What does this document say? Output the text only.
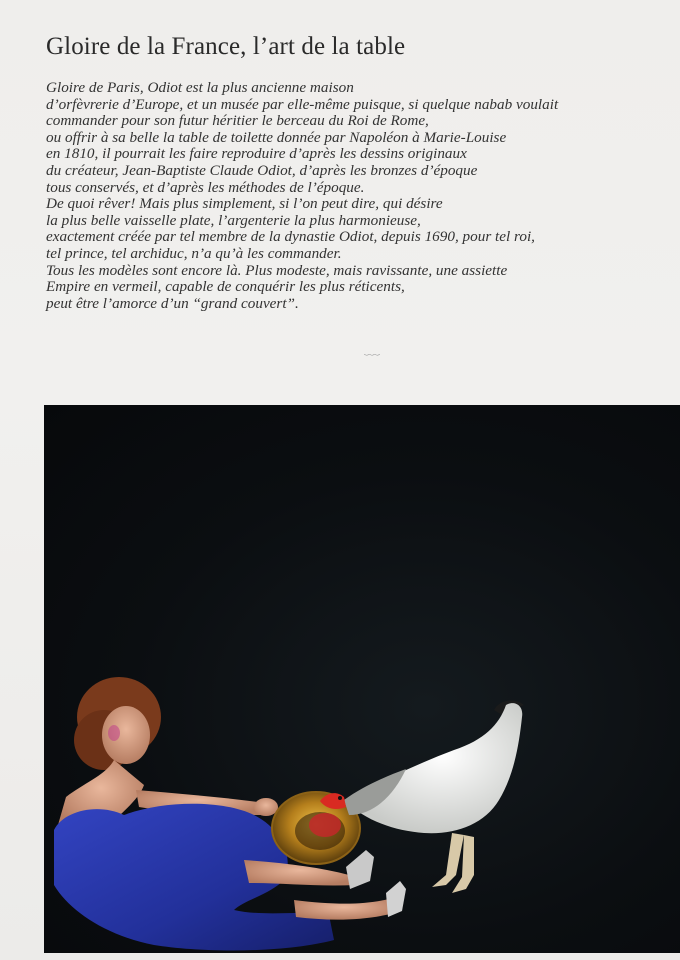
Gloire de la France, l’art de la table
Gloire de Paris, Odiot est la plus ancienne maison
d’orfèvrerie d’Europe, et un musée par elle-même puisque, si quelque nabab voulait
commander pour son futur héritier le berceau du Roi de Rome,
ou offrir à sa belle la table de toilette donnée par Napoléon à Marie-Louise
en 1810, il pourrait les faire reproduire d’après les dessins originaux
du créateur, Jean-Baptiste Claude Odiot, d’après les bronzes d’époque
tous conservés, et d’après les méthodes de l’époque.
De quoi rêver! Mais plus simplement, si l’on peut dire, qui désire
la plus belle vaisselle plate, l’argenterie la plus harmonieuse,
exactement créée par tel membre de la dynastie Odiot, depuis 1690, pour tel roi,
tel prince, tel archiduc, n’a qu’à les commander.
Tous les modèles sont encore là. Plus modeste, mais ravissante, une assiette
Empire en vermeil, capable de conquérir les plus réticents,
peut être l’amorce d’un “grand couvert”.
﹏
